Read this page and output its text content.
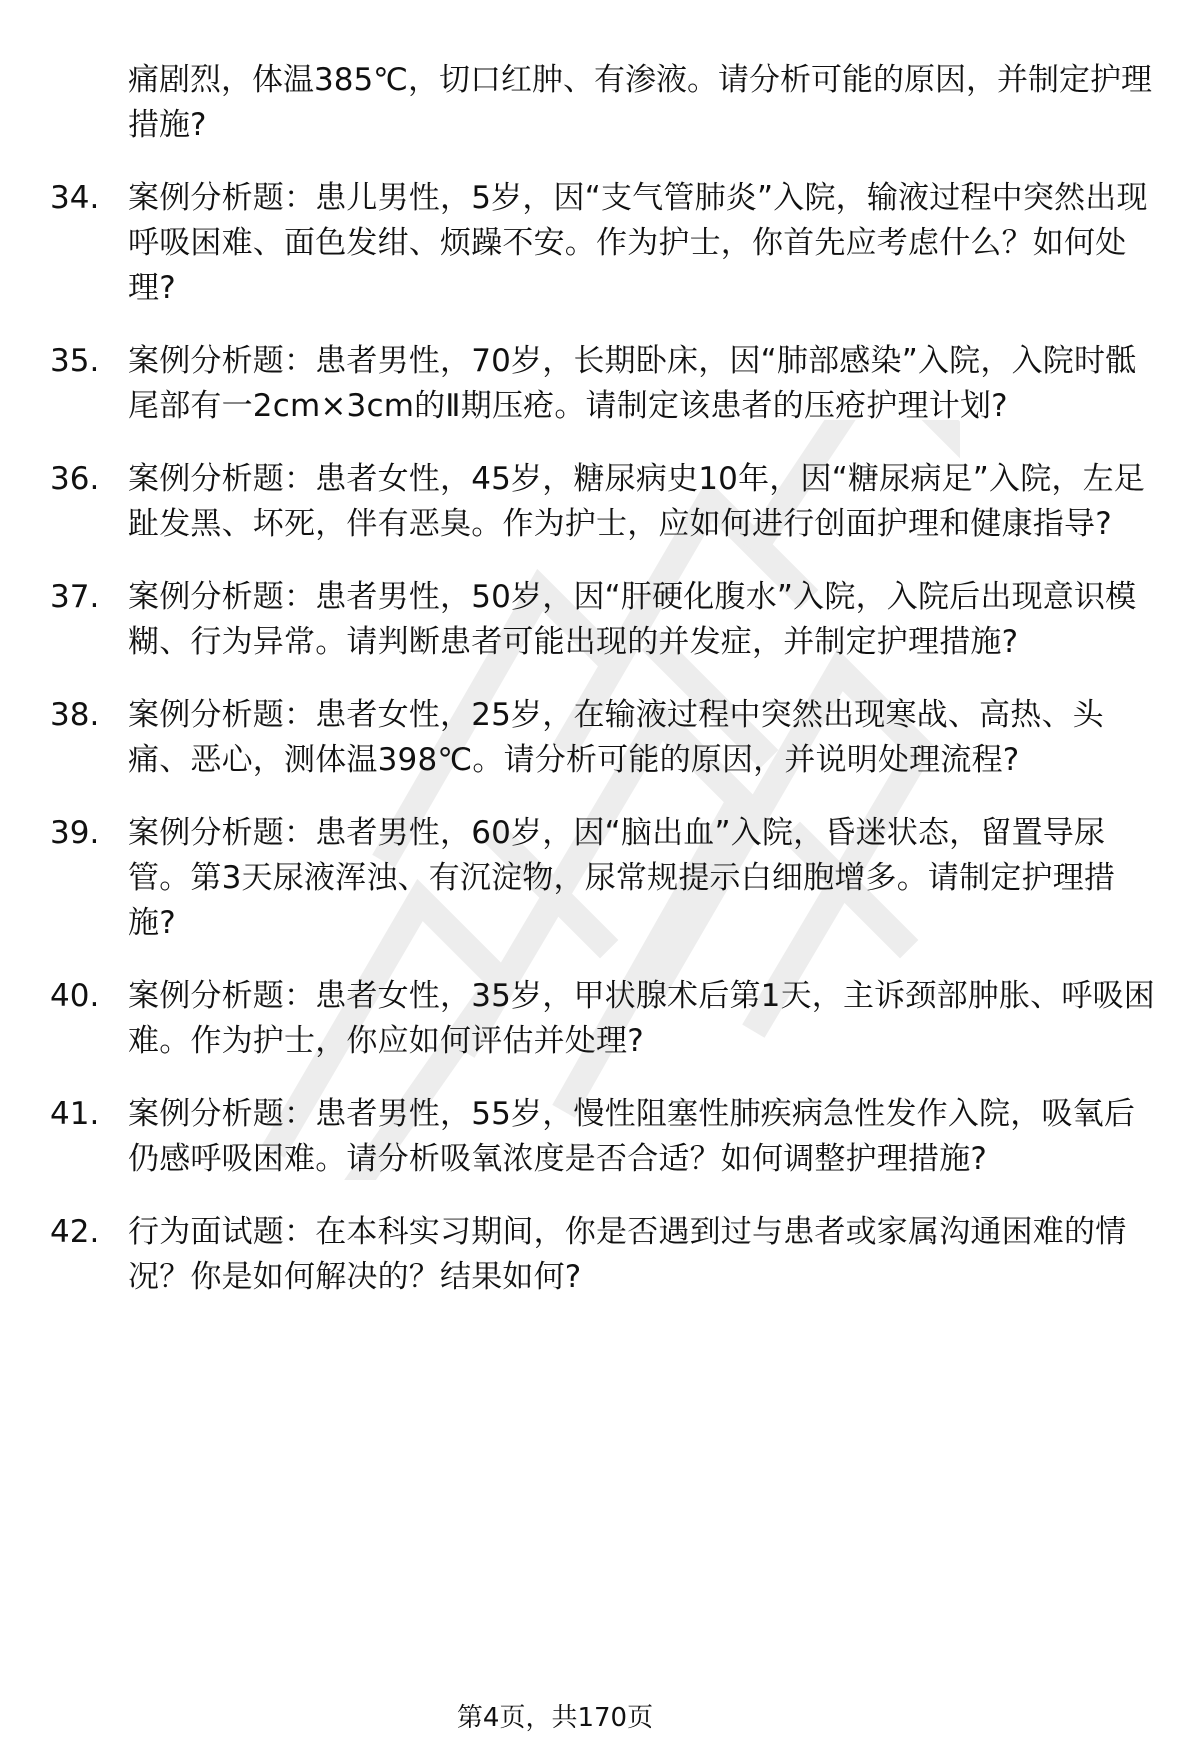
痛剧烈，体温385℃，切口红肿、有渗液。请分析可能的原因，并制定护理措施?
34. 案例分析题：患儿男性，5岁，因“支气管肺炎”入院，输液过程中突然出现呼吸困难、面色发绀、烦躁不安。作为护士，你首先应考虑什么？如何处理?
35. 案例分析题：患者男性，70岁，长期卧床，因“肺部感染”入院，入院时骶尾部有一2cm×3cm的Ⅱ期压疮。请制定该患者的压疮护理计划?
36. 案例分析题：患者女性，45岁，糖尿病史10年，因“糖尿病足”入院，左足趾发黑、坏死，伴有恶臭。作为护士，应如何进行创面护理和健康指导?
37. 案例分析题：患者男性，50岁，因“肝硬化腹水”入院，入院后出现意识模糊、行为异常。请判断患者可能出现的并发症，并制定护理措施?
38. 案例分析题：患者女性，25岁，在输液过程中突然出现寒战、高热、头痛、恶心，测体温398℃。请分析可能的原因，并说明处理流程?
39. 案例分析题：患者男性，60岁，因“脑出血”入院，昏迷状态，留置导尿管。第3天尿液浑浊、有沉淀物，尿常规提示白细胞增多。请制定护理措施?
40. 案例分析题：患者女性，35岁，甲状腺术后第1天，主诉颈部肿胀、呼吸困难。作为护士，你应如何评估并处理?
41. 案例分析题：患者男性，55岁，慢性阻塞性肺疾病急性发作入院，吸氧后仍感呼吸困难。请分析吸氧浓度是否合适？如何调整护理措施?
42. 行为面试题：在本科实习期间，你是否遇到过与患者或家属沟通困难的情况？你是如何解决的？结果如何?
第4页，共170页
